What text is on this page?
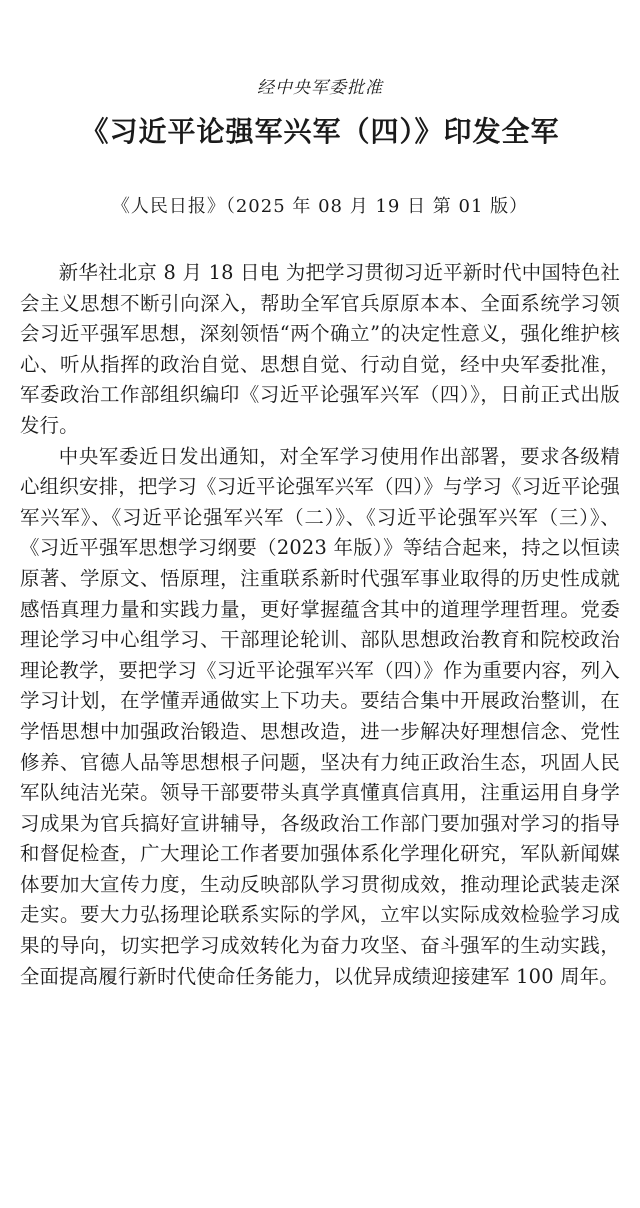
经中央军委批准
《习近平论强军兴军（四）》印发全军
《人民日报》（2025 年 08 月 19 日 第 01 版）

新华社北京 8 月 18 日电 为把学习贯彻习近平新时代中国特色社会主义思想不断引向深入，帮助全军官兵原原本本、全面系统学习领会习近平强军思想，深刻领悟“两个确立”的决定性意义，强化维护核心、听从指挥的政治自觉、思想自觉、行动自觉，经中央军委批准，军委政治工作部组织编印《习近平论强军兴军（四）》，日前正式出版发行。

中央军委近日发出通知，对全军学习使用作出部署，要求各级精心组织安排，把学习《习近平论强军兴军（四）》与学习《习近平论强军兴军》、《习近平论强军兴军（二）》、《习近平论强军兴军（三）》、《习近平强军思想学习纲要（2023 年版）》等结合起来，持之以恒读原著、学原文、悟原理，注重联系新时代强军事业取得的历史性成就感悟真理力量和实践力量，更好掌握蕴含其中的道理学理哲理。党委理论学习中心组学习、干部理论轮训、部队思想政治教育和院校政治理论教学，要把学习《习近平论强军兴军（四）》作为重要内容，列入学习计划，在学懂弄通做实上下功夫。要结合集中开展政治整训，在学悟思想中加强政治锻造、思想改造，进一步解决好理想信念、党性修养、官德人品等思想根子问题，坚决有力纯正政治生态，巩固人民军队纯洁光荣。领导干部要带头真学真懂真信真用，注重运用自身学习成果为官兵搞好宣讲辅导，各级政治工作部门要加强对学习的指导和督促检查，广大理论工作者要加强体系化学理化研究，军队新闻媒体要加大宣传力度，生动反映部队学习贯彻成效，推动理论武装走深走实。要大力弘扬理论联系实际的学风，立牢以实际成效检验学习成果的导向，切实把学习成效转化为奋力攻坚、奋斗强军的生动实践，全面提高履行新时代使命任务能力，以优异成绩迎接建军 100 周年。
